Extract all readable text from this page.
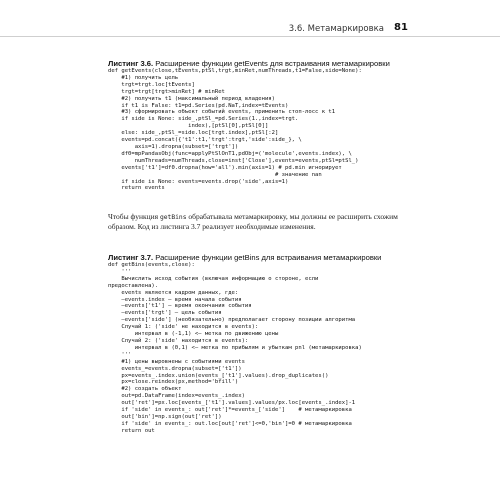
3.6. Метамаркировка 81
Листинг 3.6. Расширение функции getEvents для встраивания метамаркировки
def getEvents(close,tEvents,ptSl,trgt,minRet,numThreads,t1=False,side=None):
#1) получить цель
trgt=trgt.loc[tEvents]
trgt=trgt[trgt>minRet] # minRet
#2) получить t1 (максимальный период владения)
if t1 is False: t1=pd.Series(pd.NaT,index=tEvents)
#3) сформировать объект событий events, применить стоп-лосс к t1
if side is None: side_,ptSl_=pd.Series(1.,index=trgt.
index),[ptSl[0],ptSl[0]]
else: side_,ptSl_=side.loc[trgt.index],ptSl[:2]
events=pd.concat({'t1':t1,'trgt':trgt,'side':side_}, \
axis=1).dropna(subset=['trgt'])
df0=mpPandasObj(func=applyPtSlOnT1,pdObj=('molecule',events.index), \
numThreads=numThreads,close=inst['Close'],events=events,ptSl=ptSl_)
events['t1']=df0.dropna(how='all').min(axis=1) # pd.min игнорирует
# значение nan
if side is None: events=events.drop('side',axis=1)
return events

Чтобы функция getBins обрабатывала метамаркировку, мы должны ее расширить схожим образом. Код из листинга 3.7 реализует необходимые изменения.

Листинг 3.7. Расширение функции getBins для встраивания метамаркировки
def getBins(events,close):
'''
Вычислить исход события (включая информацию о стороне, если
предоставлена).
events является кадром данных, где:
—events.index — время начала события
—events['t1'] — время окончания события
—events['trgt'] — цель события
—events['side'] (необязательно) предполагает сторону позиции алгоритма
Случай 1: ('side' не находится в events):
интервал в (-1,1) <— метка по движению цены
Случай 2: ('side' находится в events):
интервал в (0,1) <— метка по прибылям и убыткам pnl (метамаркировка)
'''
#1) цены выровнены с событиями events
events_=events.dropna(subset=['t1'])
px=events_.index.union(events_['t1'].values).drop_duplicates()
px=close.reindex(px,method='bfill')
#2) создать объект
out=pd.DataFrame(index=events_.index)
out['ret']=px.loc[events_['t1'].values].values/px.loc[events_.index]-1
if 'side' in events_: out['ret']*=events_['side']    # метамаркировка
out['bin']=np.sign(out['ret'])
if 'side' in events_: out.loc[out['ret']<=0,'bin']=0 # метамаркировка
return out
